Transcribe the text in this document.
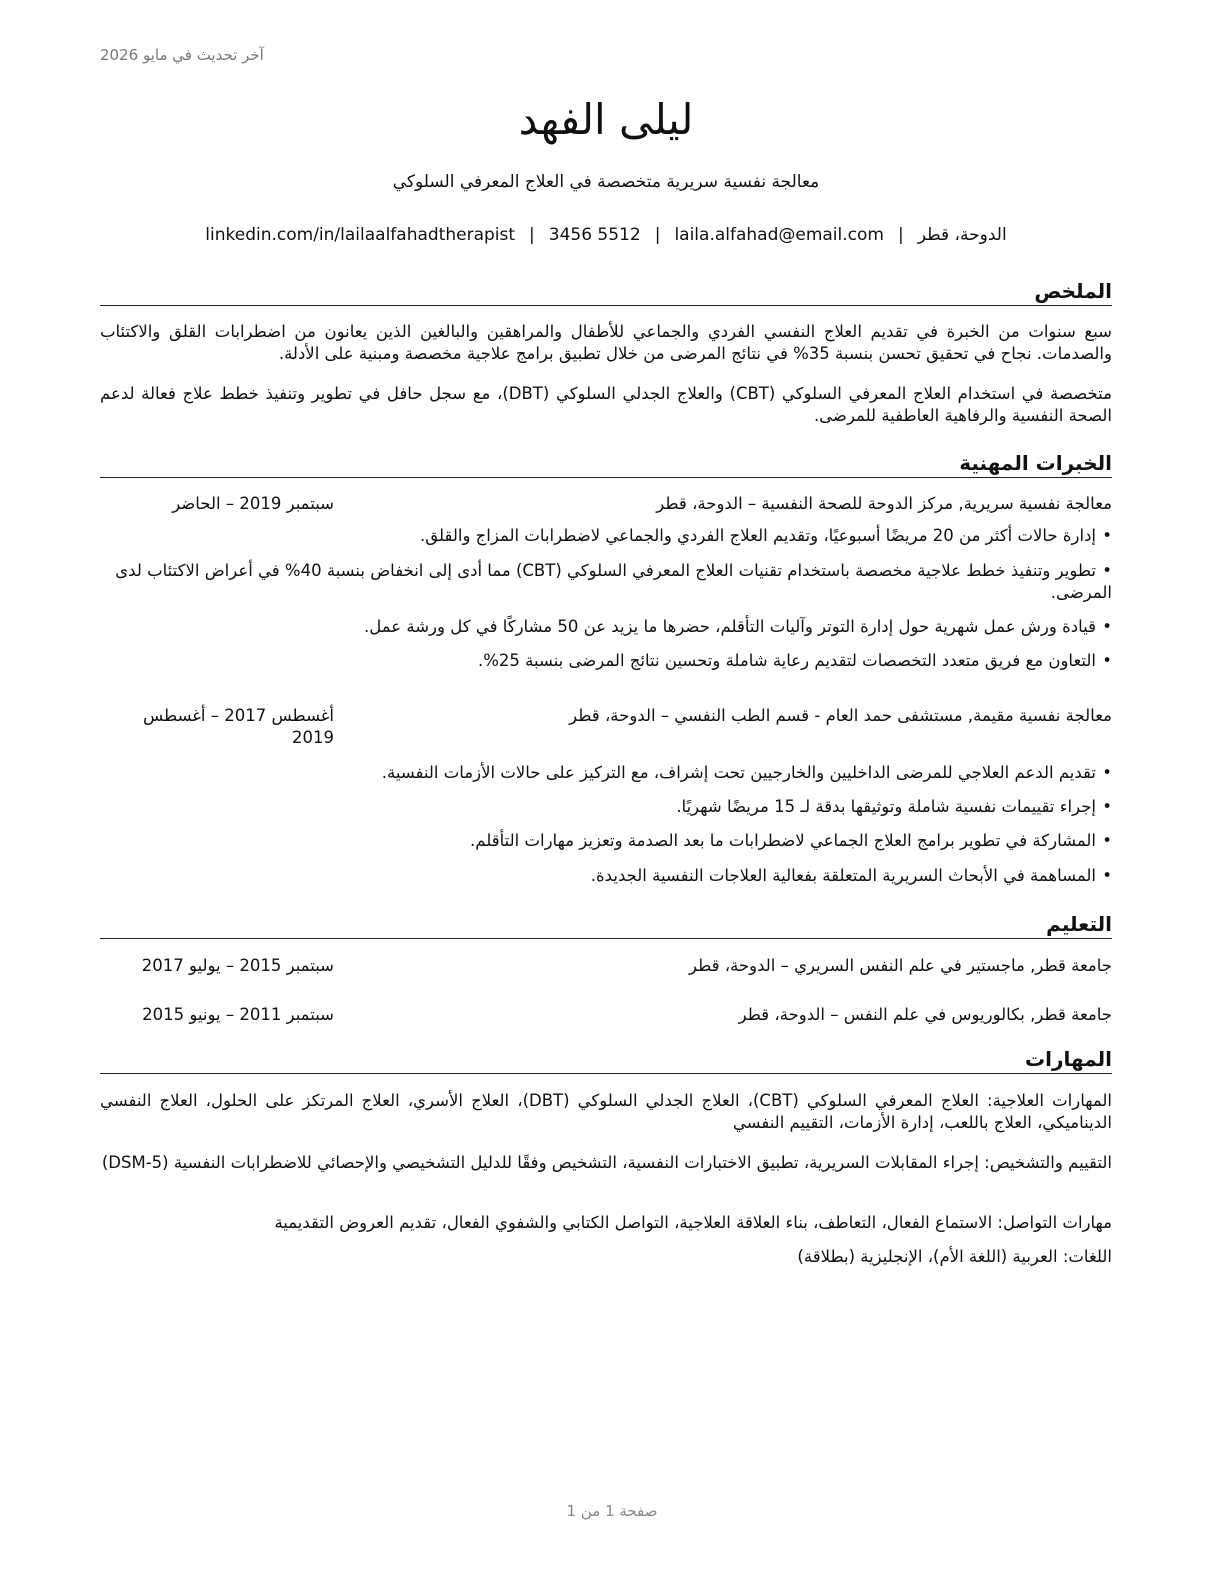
آخر تحديث في مايو 2026
ليلى الفهد
معالجة نفسية سريرية متخصصة في العلاج المعرفي السلوكي
الدوحة، قطر|laila.alfahad@email.com|3456 5512|linkedin.com/in/lailaalfahadtherapist
الملخص

سبع سنوات من الخبرة في تقديم العلاج النفسي الفردي والجماعي للأطفال والمراهقين والبالغين الذين يعانون من اضطرابات القلق والاكتئاب والصدمات. نجاح في تحقيق تحسن بنسبة 35% في نتائج المرضى من خلال تطبيق برامج علاجية مخصصة ومبنية على الأدلة.

متخصصة في استخدام العلاج المعرفي السلوكي (CBT) والعلاج الجدلي السلوكي (DBT)، مع سجل حافل في تطوير وتنفيذ خطط علاج فعالة لدعم الصحة النفسية والرفاهية العاطفية للمرضى.

الخبرات المهنية

معالجة نفسية سريرية, مركز الدوحة للصحة النفسية – الدوحة، قطر

سبتمبر 2019 – الحاضر

•إدارة حالات أكثر من 20 مريضًا أسبوعيًا، وتقديم العلاج الفردي والجماعي لاضطرابات المزاج والقلق.

•تطوير وتنفيذ خطط علاجية مخصصة باستخدام تقنيات العلاج المعرفي السلوكي (CBT) مما أدى إلى انخفاض بنسبة 40% في أعراض الاكتئاب لدى المرضى.

•قيادة ورش عمل شهرية حول إدارة التوتر وآليات التأقلم، حضرها ما يزيد عن 50 مشاركًا في كل ورشة عمل.

•التعاون مع فريق متعدد التخصصات لتقديم رعاية شاملة وتحسين نتائج المرضى بنسبة 25%.

معالجة نفسية مقيمة, مستشفى حمد العام - قسم الطب النفسي – الدوحة، قطر

أغسطس 2017 – أغسطس 2019

•تقديم الدعم العلاجي للمرضى الداخليين والخارجيين تحت إشراف، مع التركيز على حالات الأزمات النفسية.

•إجراء تقييمات نفسية شاملة وتوثيقها بدقة لـ 15 مريضًا شهريًا.

•المشاركة في تطوير برامج العلاج الجماعي لاضطرابات ما بعد الصدمة وتعزيز مهارات التأقلم.

•المساهمة في الأبحاث السريرية المتعلقة بفعالية العلاجات النفسية الجديدة.

التعليم

جامعة قطر, ماجستير في علم النفس السريري – الدوحة، قطر

سبتمبر 2015 – يوليو 2017

جامعة قطر, بكالوريوس في علم النفس – الدوحة، قطر

سبتمبر 2011 – يونيو 2015

المهارات

المهارات العلاجية: العلاج المعرفي السلوكي (CBT)، العلاج الجدلي السلوكي (DBT)، العلاج الأسري، العلاج المرتكز على الحلول، العلاج النفسي الديناميكي، العلاج باللعب، إدارة الأزمات، التقييم النفسي

التقييم والتشخيص: إجراء المقابلات السريرية، تطبيق الاختبارات النفسية، التشخيص وفقًا للدليل التشخيصي والإحصائي للاضطرابات النفسية (DSM-5)

مهارات التواصل: الاستماع الفعال، التعاطف، بناء العلاقة العلاجية، التواصل الكتابي والشفوي الفعال، تقديم العروض التقديمية

اللغات: العربية (اللغة الأم)، الإنجليزية (بطلاقة)

صفحة 1 من 1
